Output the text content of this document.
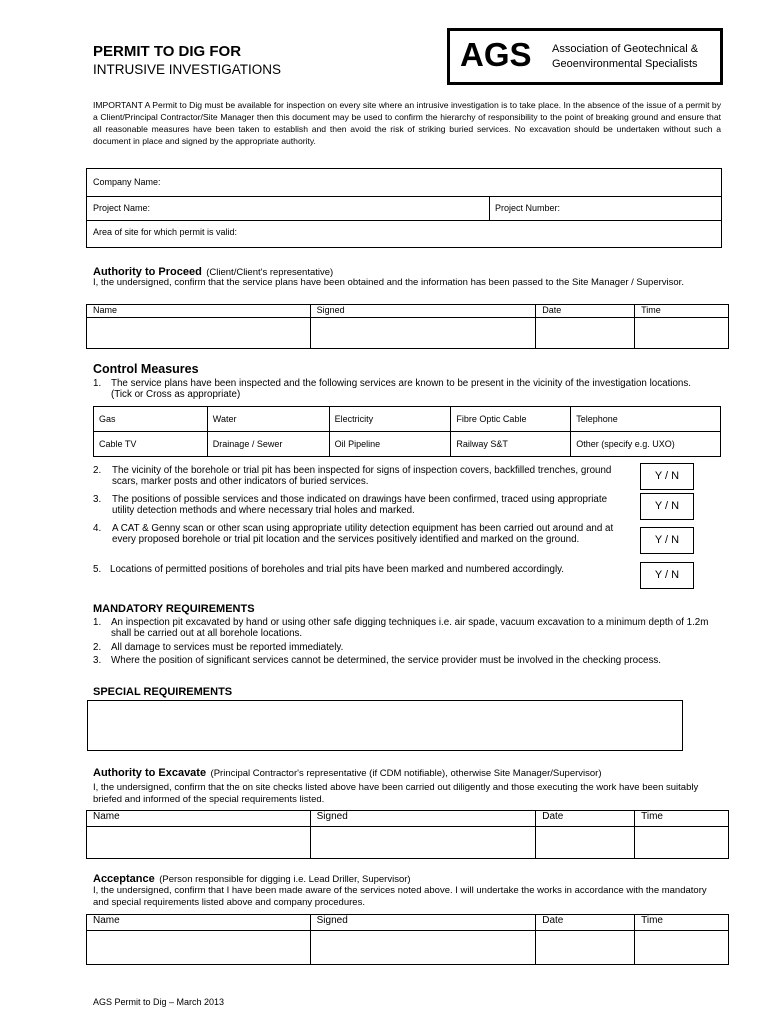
PERMIT TO DIG FOR
INTRUSIVE INVESTIGATIONS	AGS Association of Geotechnical &
Geoenvironmental Specialists
IMPORTANT A Permit to Dig must be available for inspection on every site where an intrusive investigation is to take place. In the absence of the issue of a permit by a Client/Principal Contractor/Site Manager then this document may be used to confirm the hierarchy of responsibility to the point of breaking ground and ensure that all reasonable measures have been taken to establish and then avoid the risk of striking buried services. No excavation should be undertaken without such a document in place and signed by the appropriate authority.
Company Name:
Project Name:	Project Number:
Area of site for which permit is valid:
Authority to Proceed (Client/Client's representative)
I, the undersigned, confirm that the service plans have been obtained and the information has been passed to the Site Manager / Supervisor.
Name	Signed	Date	Time

Control Measures
1. The service plans have been inspected and the following services are known to be present in the vicinity of the investigation locations. (Tick or Cross as appropriate)
Gas	Water	Electricity	Fibre Optic Cable	Telephone
Cable TV	Drainage / Sewer	Oil Pipeline	Railway S&T	Other (specify e.g. UXO)
2. The vicinity of the borehole or trial pit has been inspected for signs of inspection covers, backfilled trenches, ground scars, marker posts and other indicators of buried services.
3. The positions of possible services and those indicated on drawings have been confirmed, traced using appropriate utility detection methods and where necessary trial holes and marked.
4. A CAT & Genny scan or other scan using appropriate utility detection equipment has been carried out around and at every proposed borehole or trial pit location and the services positively identified and marked on the ground.
5. Locations of permitted positions of boreholes and trial pits have been marked and numbered accordingly.
Y / N
Y / N
Y / N
Y / N
MANDATORY REQUIREMENTS
1. An inspection pit excavated by hand or using other safe digging techniques i.e. air spade, vacuum excavation to a minimum depth of 1.2m shall be carried out at all borehole locations.
2. All damage to services must be reported immediately.
3. Where the position of significant services cannot be determined, the service provider must be involved in the checking process.
SPECIAL REQUIREMENTS
Authority to Excavate (Principal Contractor's representative (if CDM notifiable), otherwise Site Manager/Supervisor)
I, the undersigned, confirm that the on site checks listed above have been carried out diligently and those executing the work have been suitably briefed and informed of the special requirements listed.
Name	Signed	Date	Time

Acceptance (Person responsible for digging i.e. Lead Driller, Supervisor)
I, the undersigned, confirm that I have been made aware of the services noted above. I will undertake the works in accordance with the mandatory and special requirements listed above and company procedures.
Name	Signed	Date	Time

AGS Permit to Dig – March 2013
